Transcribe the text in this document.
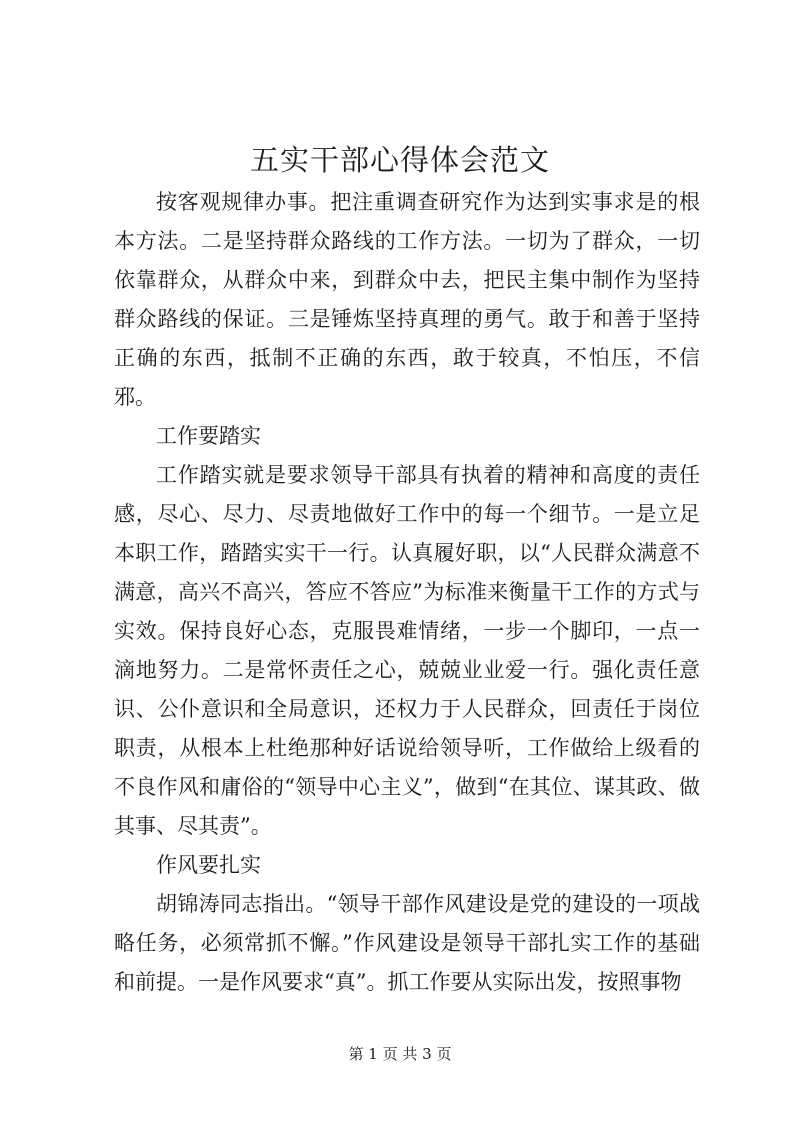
五实干部心得体会范文

按客观规律办事。把注重调查研究作为达到实事求是的根本方法。二是坚持群众路线的工作方法。一切为了群众，一切依靠群众，从群众中来，到群众中去，把民主集中制作为坚持群众路线的保证。三是锤炼坚持真理的勇气。敢于和善于坚持正确的东西，抵制不正确的东西，敢于较真，不怕压，不信邪。

工作要踏实

工作踏实就是要求领导干部具有执着的精神和高度的责任感，尽心、尽力、尽责地做好工作中的每一个细节。一是立足本职工作，踏踏实实干一行。认真履好职，以“人民群众满意不满意，高兴不高兴，答应不答应”为标准来衡量干工作的方式与实效。保持良好心态，克服畏难情绪，一步一个脚印，一点一滴地努力。二是常怀责任之心，兢兢业业爱一行。强化责任意识、公仆意识和全局意识，还权力于人民群众，回责任于岗位职责，从根本上杜绝那种好话说给领导听，工作做给上级看的不良作风和庸俗的“领导中心主义”，做到“在其位、谋其政、做其事、尽其责”。

作风要扎实

胡锦涛同志指出。“领导干部作风建设是党的建设的一项战略任务，必须常抓不懈。”作风建设是领导干部扎实工作的基础和前提。一是作风要求“真”。抓工作要从实际出发，按照事物

第 1 页 共 3 页
